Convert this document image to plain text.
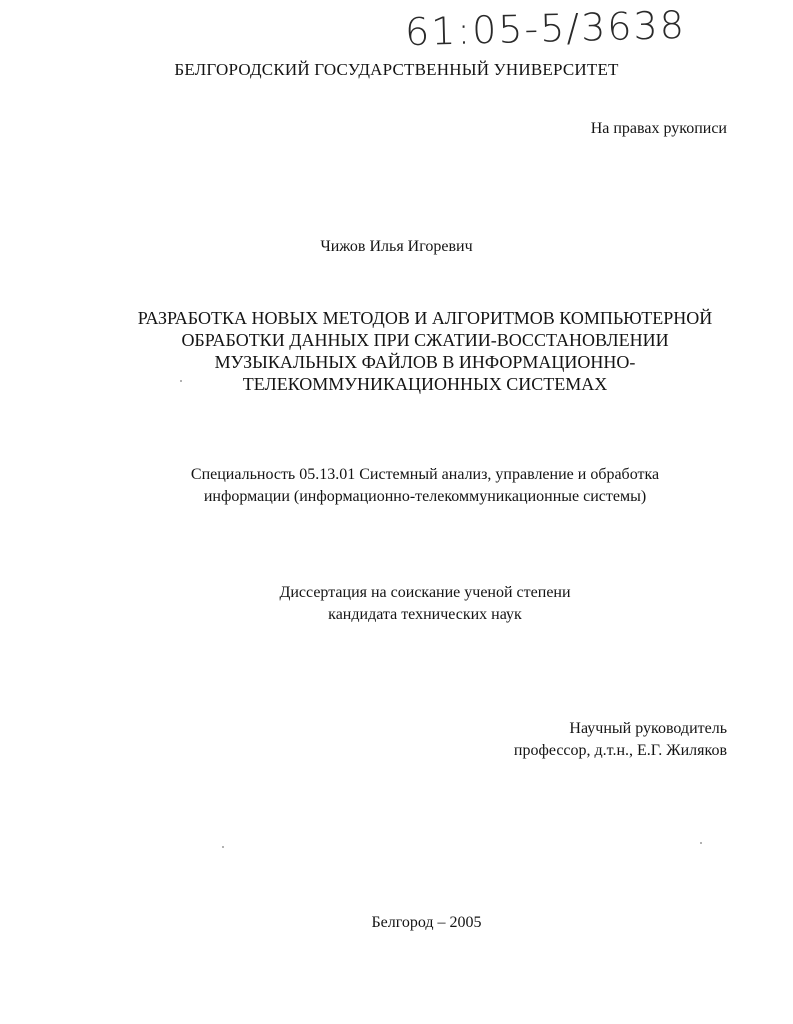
61:05-5/3638
БЕЛГОРОДСКИЙ ГОСУДАРСТВЕННЫЙ УНИВЕРСИТЕТ
На правах рукописи
Чижов Илья Игоревич
РАЗРАБОТКА НОВЫХ МЕТОДОВ И АЛГОРИТМОВ КОМПЬЮТЕРНОЙ
ОБРАБОТКИ ДАННЫХ ПРИ СЖАТИИ-ВОССТАНОВЛЕНИИ
МУЗЫКАЛЬНЫХ ФАЙЛОВ В ИНФОРМАЦИОННО-
ТЕЛЕКОММУНИКАЦИОННЫХ СИСТЕМАХ
Специальность 05.13.01 Системный анализ, управление и обработка
информации (информационно-телекоммуникационные системы)
Диссертация на соискание ученой степени
кандидата технических наук
Научный руководитель
профессор, д.т.н., Е.Г. Жиляков
Белгород – 2005
